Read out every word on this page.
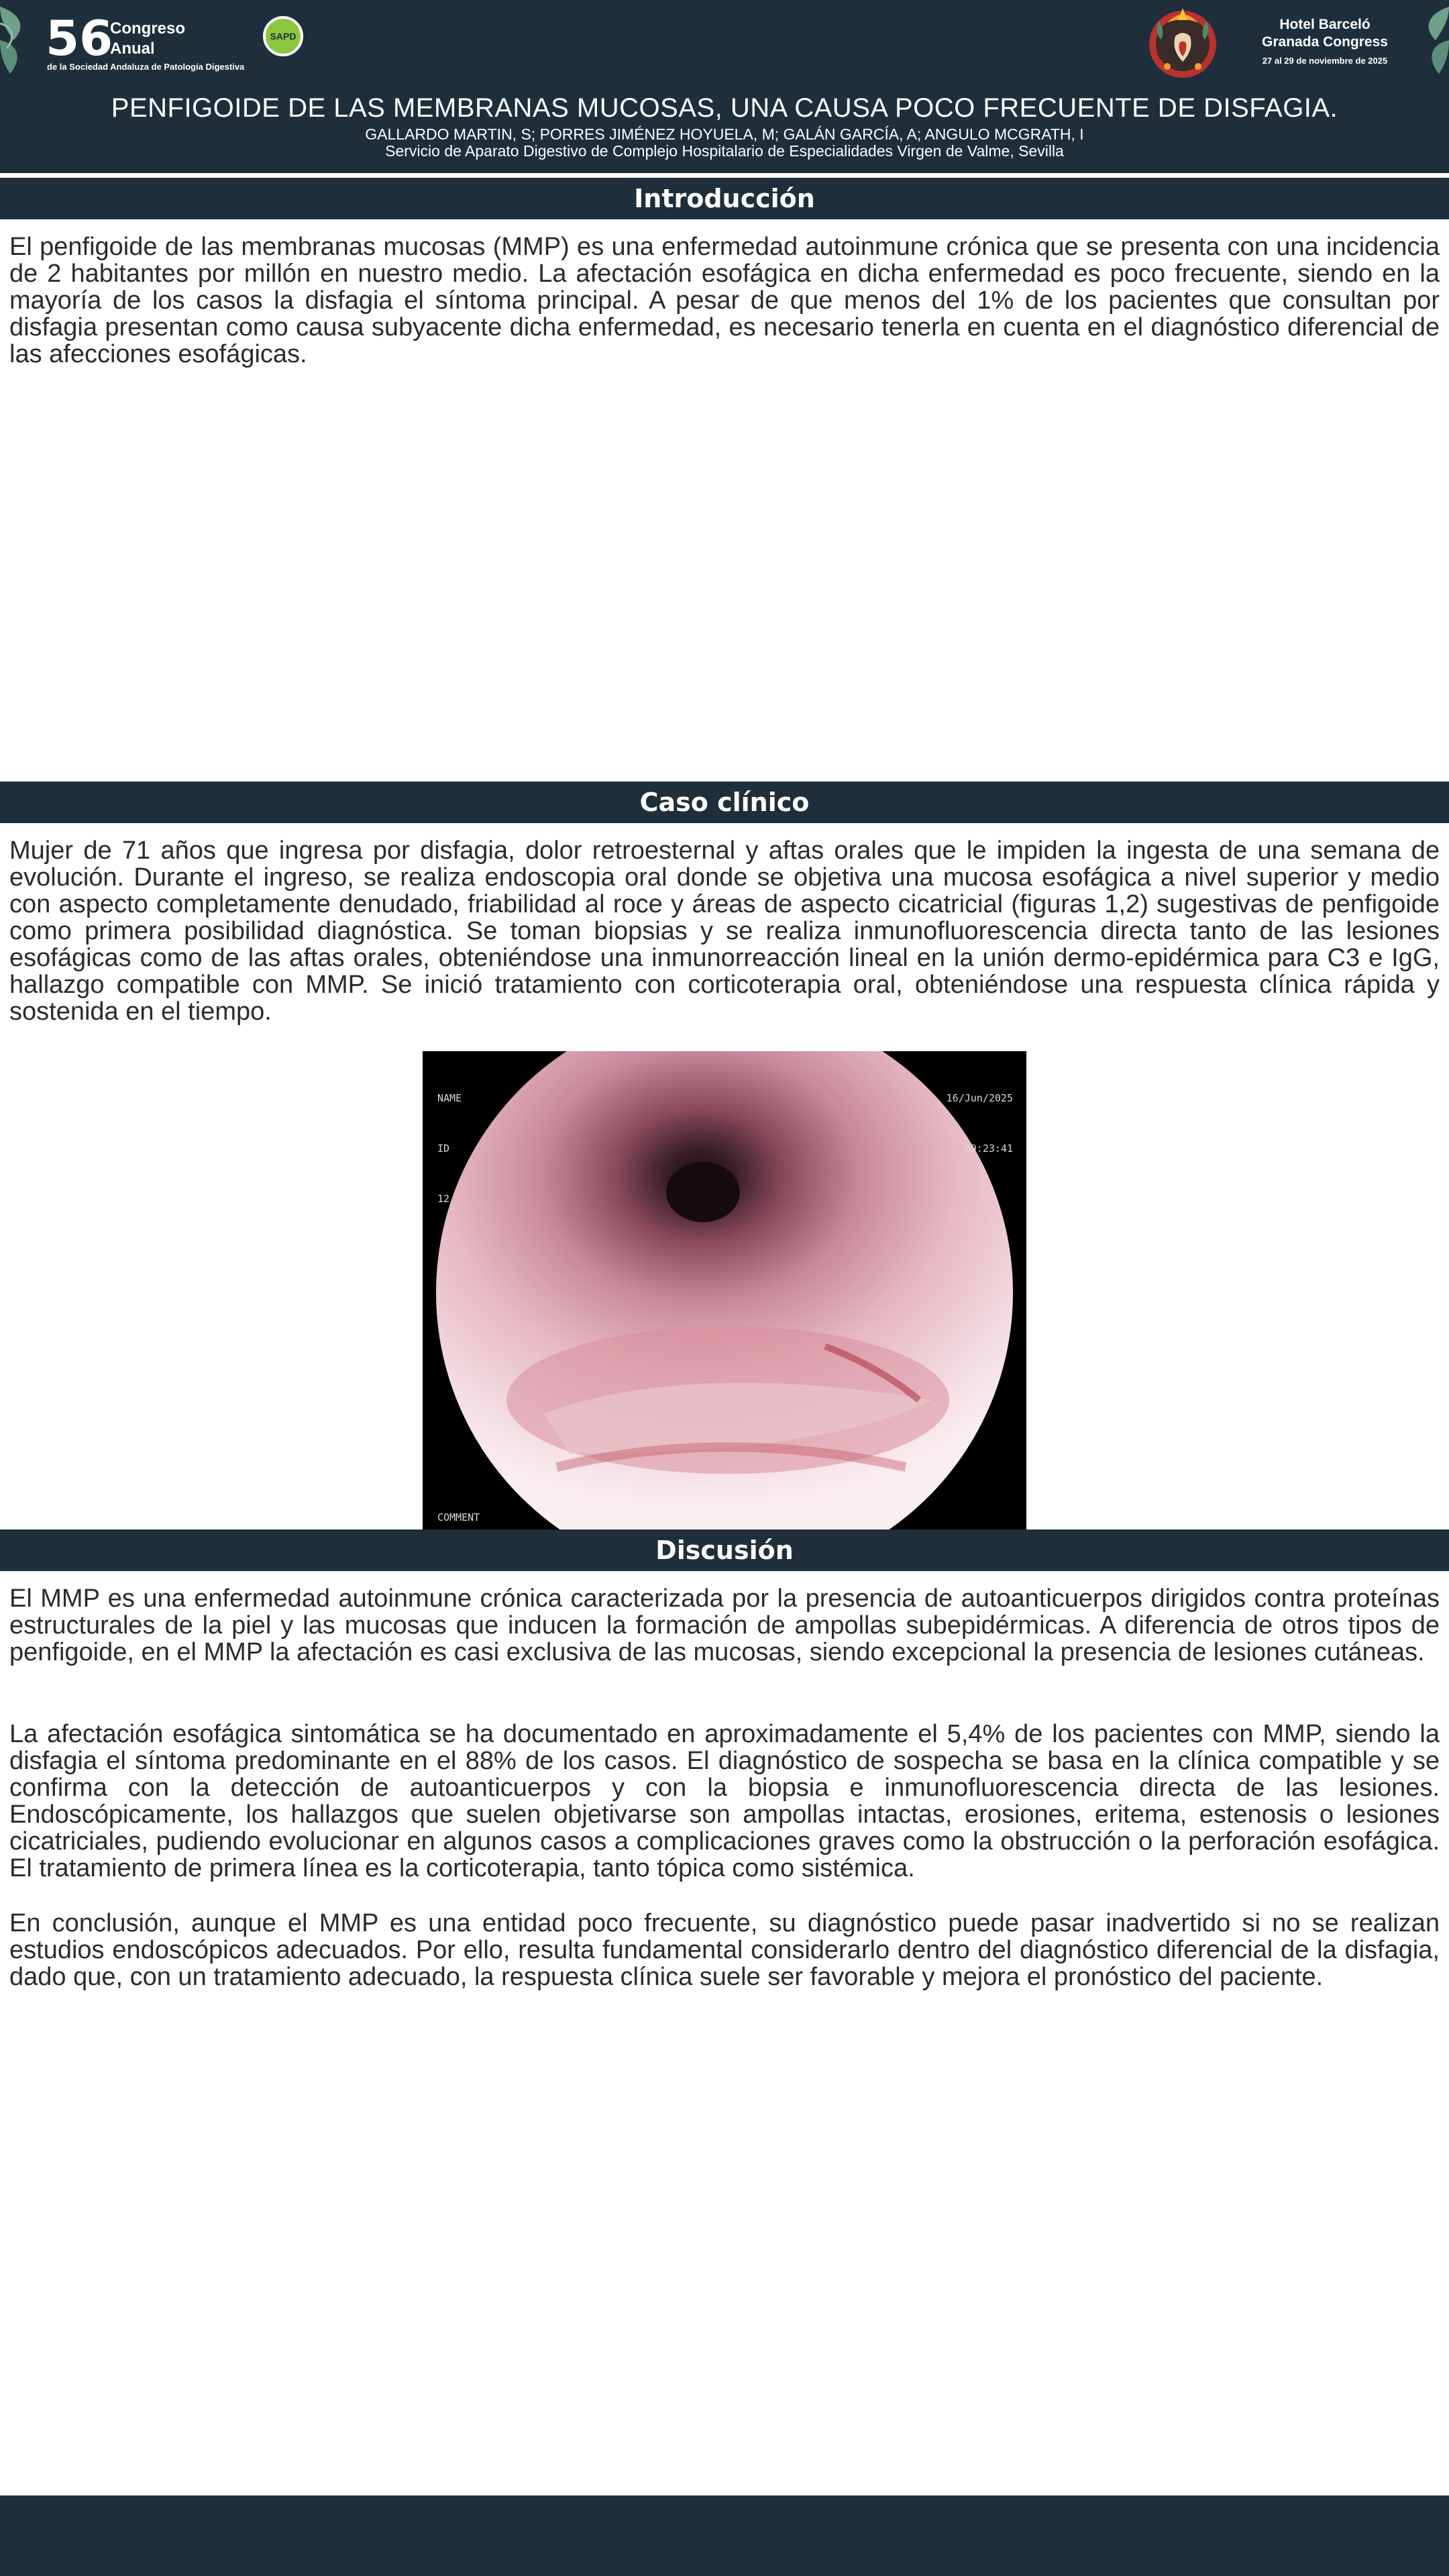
56
Congreso
Anual
de la Sociedad Andaluza de Patología Digestiva
SAPD
Hotel Barceló
Granada Congress
27 al 29 de noviembre de 2025
PENFIGOIDE DE LAS MEMBRANAS MUCOSAS, UNA CAUSA POCO FRECUENTE DE DISFAGIA.
GALLARDO MARTIN, S; PORRES JIMÉNEZ HOYUELA, M; GALÁN GARCÍA, A; ANGULO MCGRATH, I
Servicio de Aparato Digestivo de Complejo Hospitalario de Especialidades Virgen de Valme, Sevilla
Introducción

El penfigoide de las membranas mucosas (MMP) es una enfermedad autoinmune crónica que se presenta con una incidencia de 2 habitantes por millón en nuestro medio. La afectación esofágica en dicha enfermedad es poco frecuente, siendo en la mayoría de los casos la disfagia el síntoma principal. A pesar de que menos del 1% de los pacientes que consultan por disfagia presentan como causa subyacente dicha enfermedad, es necesario tenerla en cuenta en el diagnóstico diferencial de las afecciones esofágicas.

Caso clínico

Mujer de 71 años que ingresa por disfagia, dolor retroesternal y aftas orales que le impiden la ingesta de una semana de evolución. Durante el ingreso, se realiza endoscopia oral donde se objetiva una mucosa esofágica a nivel superior y medio con aspecto completamente denudado, friabilidad al roce y áreas de aspecto cicatricial (figuras 1,2) sugestivas de penfigoide como primera posibilidad diagnóstica. Se toman biopsias y se realiza inmunofluorescencia directa tanto de las lesiones esofágicas como de las aftas orales, obteniéndose una inmunorreacción lineal en la unión dermo-epidérmica para C3 e IgG, hallazgo compatible con MMP. Se inició tratamiento con corticoterapia oral, obteniéndose una respuesta clínica rápida y sostenida en el tiempo.

NAME

ID

12

16/Jun/2025

09:23:41

COMMENT

Discusión

El MMP es una enfermedad autoinmune crónica caracterizada por la presencia de autoanticuerpos dirigidos contra proteínas estructurales de la piel y las mucosas que inducen la formación de ampollas subepidérmicas. A diferencia de otros tipos de penfigoide, en el MMP la afectación es casi exclusiva de las mucosas, siendo excepcional la presencia de lesiones cutáneas.

La afectación esofágica sintomática se ha documentado en aproximadamente el 5,4% de los pacientes con MMP, siendo la disfagia el síntoma predominante en el 88% de los casos. El diagnóstico de sospecha se basa en la clínica compatible y se confirma con la detección de autoanticuerpos y con la biopsia e inmunofluorescencia directa de las lesiones. Endoscópicamente, los hallazgos que suelen objetivarse son ampollas intactas, erosiones, eritema, estenosis o lesiones cicatriciales, pudiendo evolucionar en algunos casos a complicaciones graves como la obstrucción o la perforación esofágica. El tratamiento de primera línea es la corticoterapia, tanto tópica como sistémica.

En conclusión, aunque el MMP es una entidad poco frecuente, su diagnóstico puede pasar inadvertido si no se realizan estudios endoscópicos adecuados. Por ello, resulta fundamental considerarlo dentro del diagnóstico diferencial de la disfagia, dado que, con un tratamiento adecuado, la respuesta clínica suele ser favorable y mejora el pronóstico del paciente.
